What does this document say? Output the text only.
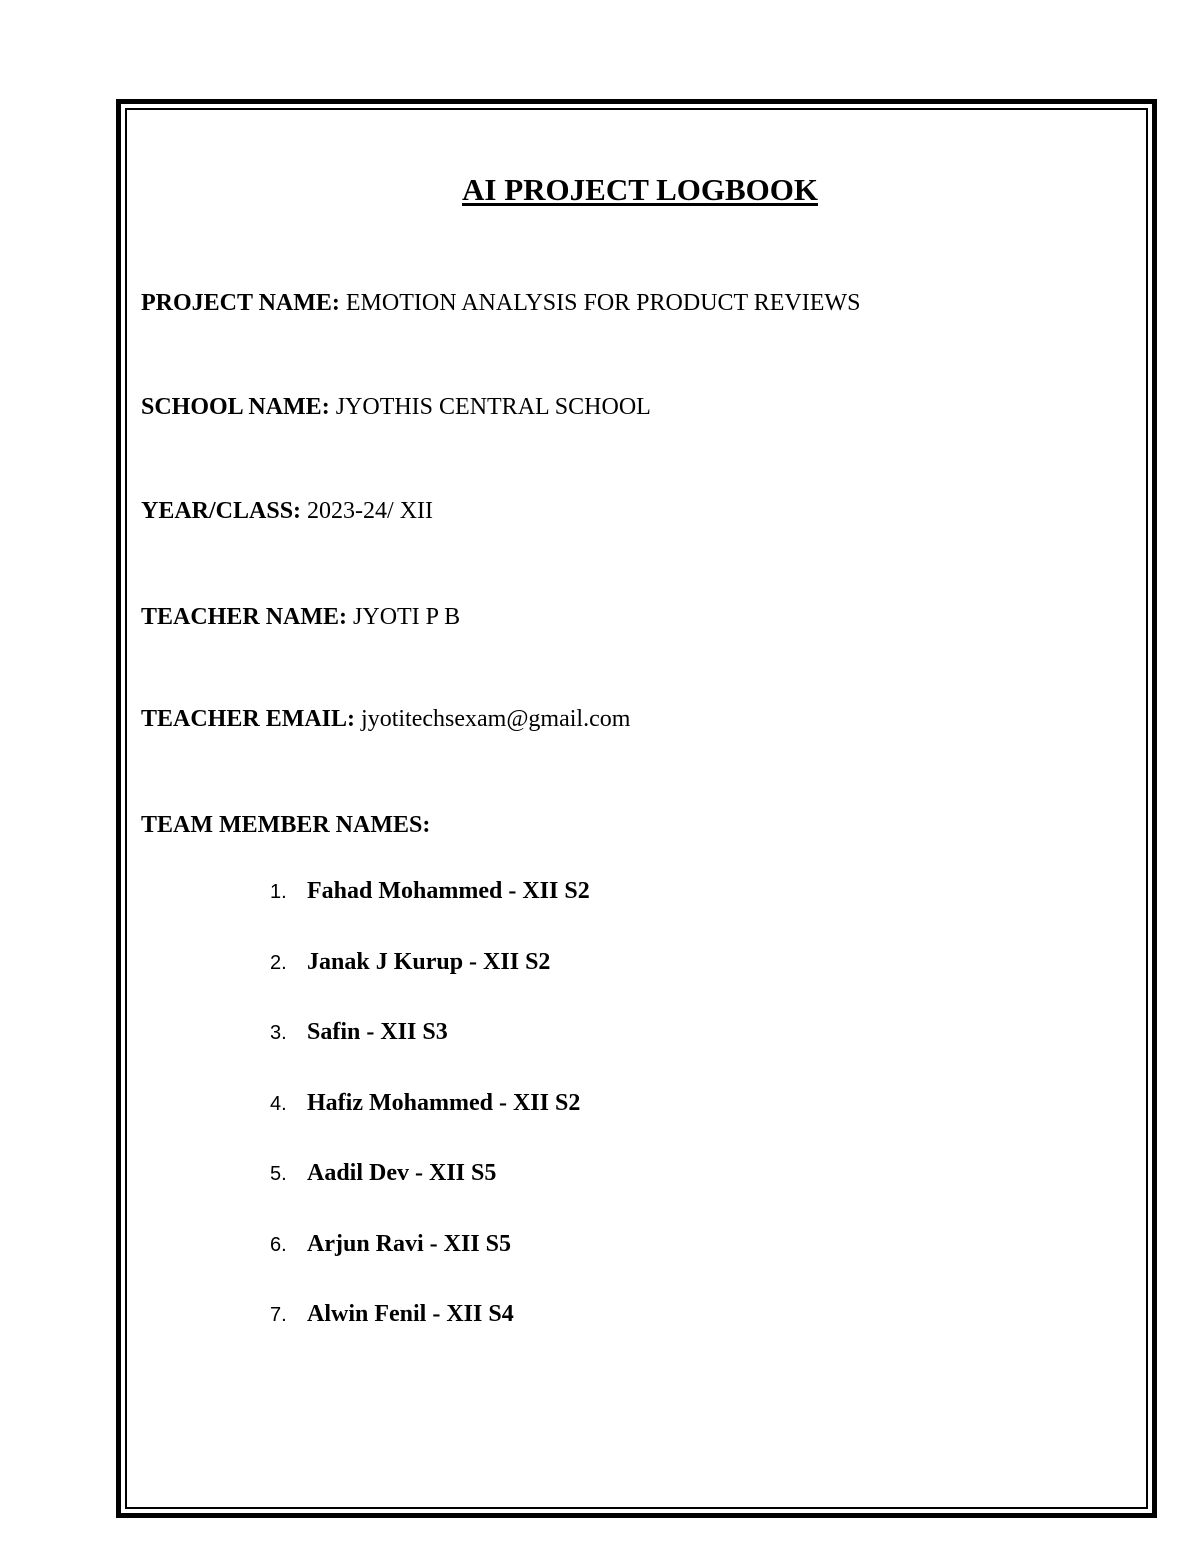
AI PROJECT LOGBOOK
PROJECT NAME: EMOTION ANALYSIS FOR PRODUCT REVIEWS
SCHOOL NAME: JYOTHIS CENTRAL SCHOOL
YEAR/CLASS: 2023-24/ XII
TEACHER NAME: JYOTI P B
TEACHER EMAIL: jyotitechsexam@gmail.com
TEAM MEMBER NAMES:
1. Fahad Mohammed - XII S2
2. Janak J Kurup - XII S2
3. Safin - XII S3
4. Hafiz Mohammed - XII S2
5. Aadil Dev - XII S5
6. Arjun Ravi - XII S5
7. Alwin Fenil - XII S4
